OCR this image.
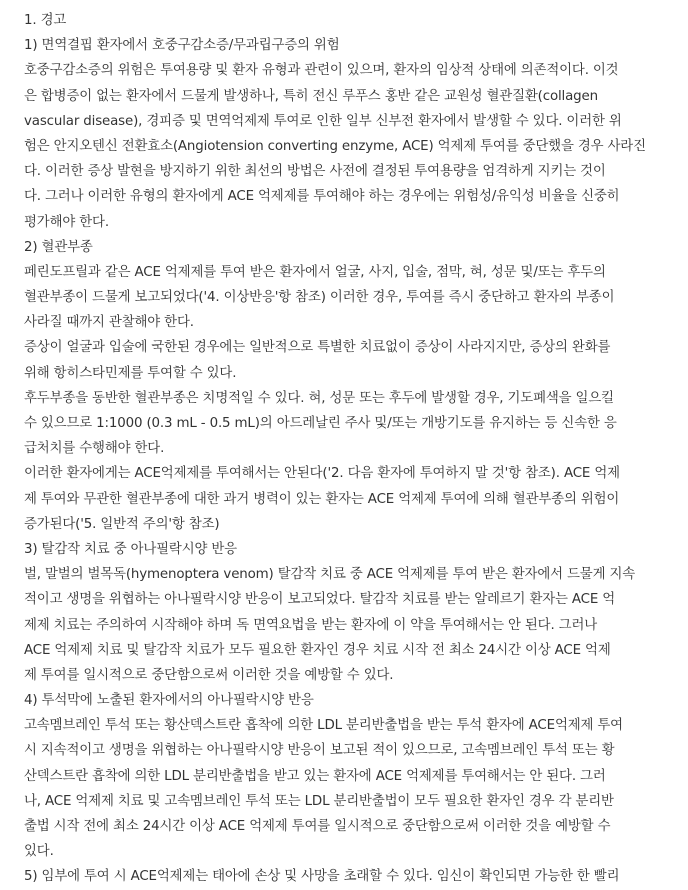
1. 경고
1) 면역결핍 환자에서 호중구감소증/무과립구증의 위험
호중구감소증의 위험은 투여용량 및 환자 유형과 관련이 있으며, 환자의 임상적 상태에 의존적이다. 이것
은 합병증이 없는 환자에서 드물게 발생하나, 특히 전신 루푸스 홍반 같은 교원성 혈관질환(collagen
vascular disease), 경피증 및 면역억제제 투여로 인한 일부 신부전 환자에서 발생할 수 있다. 이러한 위
험은 안지오텐신 전환효소(Angiotension converting enzyme, ACE) 억제제 투여를 중단했을 경우 사라진
다. 이러한 증상 발현을 방지하기 위한 최선의 방법은 사전에 결정된 투여용량을 엄격하게 지키는 것이
다. 그러나 이러한 유형의 환자에게 ACE 억제제를 투여해야 하는 경우에는 위험성/유익성 비율을 신중히
평가해야 한다.
2) 혈관부종
페린도프릴과 같은 ACE 억제제를 투여 받은 환자에서 얼굴, 사지, 입술, 점막, 혀, 성문 및/또는 후두의
혈관부종이 드물게 보고되었다('4. 이상반응'항 참조) 이러한 경우, 투여를 즉시 중단하고 환자의 부종이
사라질 때까지 관찰해야 한다.
증상이 얼굴과 입술에 국한된 경우에는 일반적으로 특별한 치료없이 증상이 사라지지만, 증상의 완화를
위해 항히스타민제를 투여할 수 있다.
후두부종을 동반한 혈관부종은 치명적일 수 있다. 혀, 성문 또는 후두에 발생할 경우, 기도폐색을 일으킬
수 있으므로 1:1000 (0.3 mL - 0.5 mL)의 아드레날린 주사 및/또는 개방기도를 유지하는 등 신속한 응
급처치를 수행해야 한다.
이러한 환자에게는 ACE억제제를 투여해서는 안된다('2. 다음 환자에 투여하지 말 것'항 참조). ACE 억제
제 투여와 무관한 혈관부종에 대한 과거 병력이 있는 환자는 ACE 억제제 투여에 의해 혈관부종의 위험이
증가된다('5. 일반적 주의'항 참조)
3) 탈감작 치료 중 아나필락시양 반응
벌, 말벌의 벌목독(hymenoptera venom) 탈감작 치료 중 ACE 억제제를 투여 받은 환자에서 드물게 지속
적이고 생명을 위협하는 아나필락시양 반응이 보고되었다. 탈감작 치료를 받는 알레르기 환자는 ACE 억
제제 치료는 주의하여 시작해야 하며 독 면역요법을 받는 환자에 이 약을 투여해서는 안 된다. 그러나
ACE 억제제 치료 및 탈감작 치료가 모두 필요한 환자인 경우 치료 시작 전 최소 24시간 이상 ACE 억제
제 투여를 일시적으로 중단함으로써 이러한 것을 예방할 수 있다.
4) 투석막에 노출된 환자에서의 아나필락시양 반응
고속멤브레인 투석 또는 황산덱스트란 흡착에 의한 LDL 분리반출법을 받는 투석 환자에 ACE억제제 투여
시 지속적이고 생명을 위협하는 아나필락시양 반응이 보고된 적이 있으므로, 고속멤브레인 투석 또는 황
산덱스트란 흡착에 의한 LDL 분리반출법을 받고 있는 환자에 ACE 억제제를 투여해서는 안 된다. 그러
나, ACE 억제제 치료 및 고속멤브레인 투석 또는 LDL 분리반출법이 모두 필요한 환자인 경우 각 분리반
출법 시작 전에 최소 24시간 이상 ACE 억제제 투여를 일시적으로 중단함으로써 이러한 것을 예방할 수
있다.
5) 임부에 투여 시 ACE억제제는 태아에 손상 및 사망을 초래할 수 있다. 임신이 확인되면 가능한 한 빨리
